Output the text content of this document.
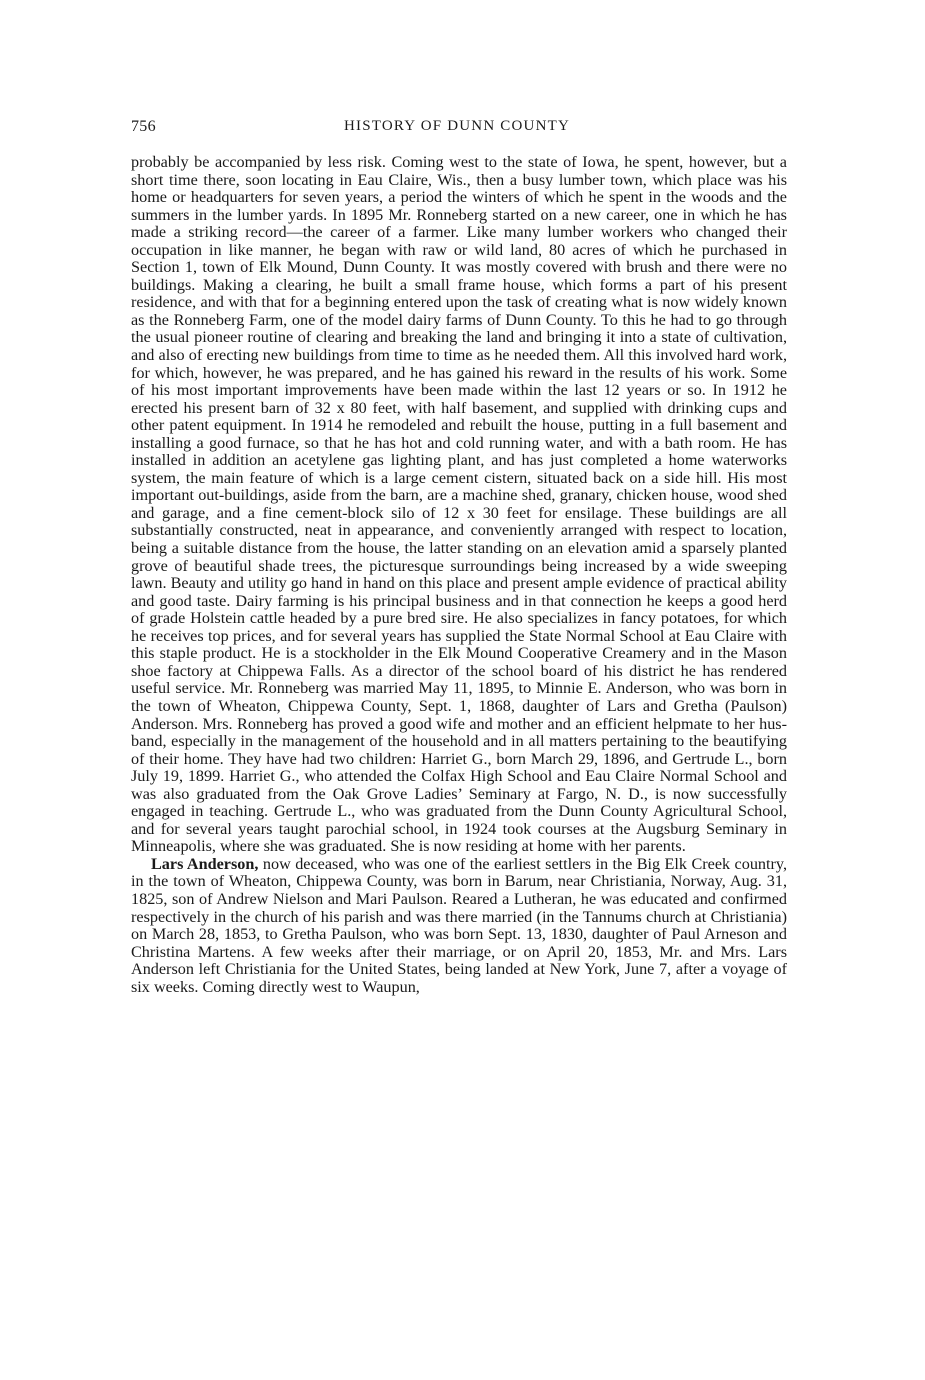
756	HISTORY OF DUNN COUNTY

probably be accompanied by less risk. Coming west to the state of Iowa, he spent, however, but a short time there, soon locating in Eau Claire, Wis., then a busy lumber town, which place was his home or headquarters for seven years, a period the winters of which he spent in the woods and the summers in the lumber yards. In 1895 Mr. Ronneberg started on a new career, one in which he has made a striking record—the career of a farmer. Like many lumber workers who changed their occupation in like manner, he began with raw or wild land, 80 acres of which he purchased in Section 1, town of Elk Mound, Dunn County. It was mostly covered with brush and there were no buildings. Making a clearing, he built a small frame house, which forms a part of his present residence, and with that for a beginning entered upon the task of creating what is now widely known as the Ronneberg Farm, one of the model dairy farms of Dunn County. To this he had to go through the usual pioneer routine of clearing and breaking the land and bringing it into a state of cultivation, and also of erecting new buildings from time to time as he needed them. All this involved hard work, for which, however, he was prepared, and he has gained his reward in the results of his work. Some of his most important improvements have been made within the last 12 years or so. In 1912 he erected his present barn of 32 x 80 feet, with half basement, and supplied with drinking cups and other patent equipment. In 1914 he remodeled and rebuilt the house, putting in a full basement and installing a good furnace, so that he has hot and cold running water, and with a bath room. He has installed in addition an acetylene gas lighting plant, and has just completed a home waterworks system, the main feature of which is a large cement cistern, situated back on a side hill. His most important out-buildings, aside from the barn, are a machine shed, granary, chicken house, wood shed and garage, and a fine cement-block silo of 12 x 30 feet for ensilage. These buildings are all substantially constructed, neat in appearance, and conveniently arranged with respect to location, being a suitable distance from the house, the latter standing on an elevation amid a sparsely planted grove of beautiful shade trees, the picturesque surroundings being increased by a wide sweeping lawn. Beauty and utility go hand in hand on this place and present ample evidence of practical ability and good taste. Dairy farming is his principal business and in that connection he keeps a good herd of grade Holstein cattle headed by a pure bred sire. He also specializes in fancy potatoes, for which he receives top prices, and for several years has supplied the State Normal School at Eau Claire with this staple product. He is a stockholder in the Elk Mound Cooperative Creamery and in the Mason shoe factory at Chippewa Falls. As a director of the school board of his district he has rendered useful service. Mr. Ronneberg was married May 11, 1895, to Minnie E. Anderson, who was born in the town of Wheaton, Chippewa County, Sept. 1, 1868, daughter of Lars and Gretha (Paulson) Anderson. Mrs. Ronneberg has proved a good wife and mother and an efficient helpmate to her husband, especially in the management of the household and in all matters pertaining to the beautifying of their home. They have had two children: Harriet G., born March 29, 1896, and Gertrude L., born July 19, 1899. Harriet G., who attended the Colfax High School and Eau Claire Normal School and was also graduated from the Oak Grove Ladies’ Seminary at Fargo, N. D., is now successfully engaged in teaching. Gertrude L., who was graduated from the Dunn County Agricultural School, and for several years taught parochial school, in 1924 took courses at the Augsburg Seminary in Minneapolis, where she was graduated. She is now residing at home with her parents.

Lars Anderson, now deceased, who was one of the earliest settlers in the Big Elk Creek country, in the town of Wheaton, Chippewa County, was born in Barum, near Christiania, Norway, Aug. 31, 1825, son of Andrew Nielson and Mari Paulson. Reared a Lutheran, he was educated and confirmed respectively in the church of his parish and was there married (in the Tannums church at Christiania) on March 28, 1853, to Gretha Paulson, who was born Sept. 13, 1830, daughter of Paul Arneson and Christina Martens. A few weeks after their marriage, or on April 20, 1853, Mr. and Mrs. Lars Anderson left Christiania for the United States, being landed at New York, June 7, after a voyage of six weeks. Coming directly west to Waupun,
